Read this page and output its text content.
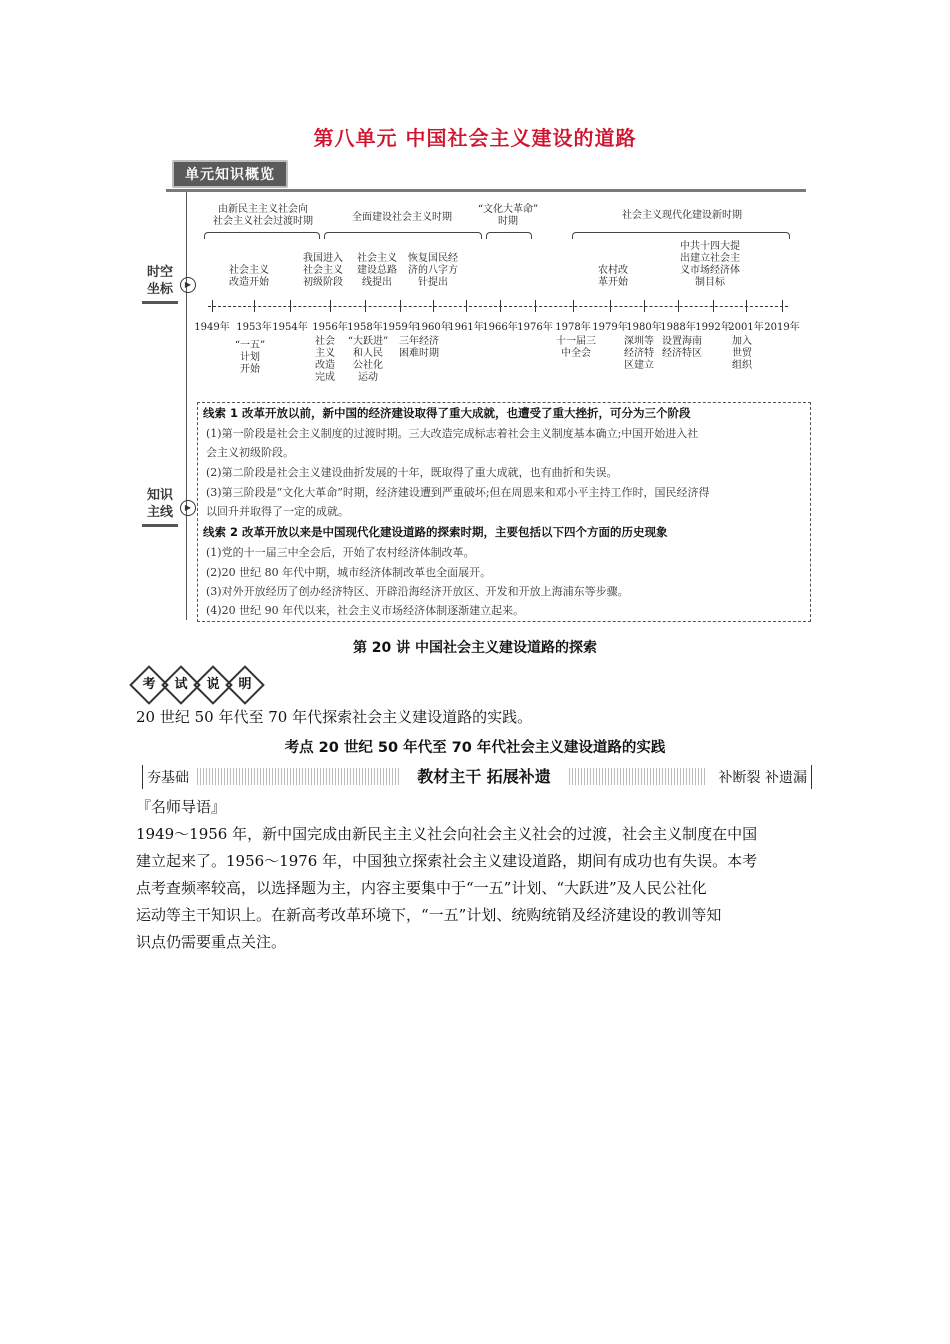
第八单元 中国社会主义建设的道路
单元知识概览
时空
坐标	▶
知识
主线	▶
由新民主主义社会向
社会主义社会过渡时期	全面建设社会主义时期
“文化大革命”
时期
社会主义现代化建设新时期
社会主义
改造开始
我国进入
社会主义
初级阶段
社会主义
建设总路
线提出
恢复国民经
济的八字方
针提出
农村改
革开始
中共十四大提
出建立社会主
义市场经济体
制目标
1949年 1953年 1954年 1956年 1958年 1959年
1960年
1961年
1966年 1976年 1978年 1979年
1980年
1988年 1992年
2001年 2019年
“一五”
计划
开始
社会
主义
改造
完成
“大跃进”
和人民
公社化
运动
三年经济
困难时期
十一届三
中全会
深圳等
经济特
区建立
设置海南
经济特区
加入
世贸
组织
线索 1 改革开放以前，新中国的经济建设取得了重大成就，也遭受了重大挫折，可分为三个阶段
(1)第一阶段是社会主义制度的过渡时期。三大改造完成标志着社会主义制度基本确立;中国开始进入社
会主义初级阶段。
(2)第二阶段是社会主义建设曲折发展的十年，既取得了重大成就，也有曲折和失误。
(3)第三阶段是“文化大革命”时期，经济建设遭到严重破坏;但在周恩来和邓小平主持工作时，国民经济得
以回升并取得了一定的成就。
线索 2 改革开放以来是中国现代化建设道路的探索时期，主要包括以下四个方面的历史现象
(1)党的十一届三中全会后，开始了农村经济体制改革。
(2)20 世纪 80 年代中期，城市经济体制改革也全面展开。
(3)对外开放经历了创办经济特区、开辟沿海经济开放区、开发和开放上海浦东等步骤。
(4)20 世纪 90 年代以来，社会主义市场经济体制逐渐建立起来。
第 20 讲 中国社会主义建设道路的探索
考	试	说	明
20 世纪 50 年代至 70 年代探索社会主义建设道路的实践。
考点 20 世纪 50 年代至 70 年代社会主义建设道路的实践
夯基础	教材主干 拓展补遗	补断裂 补遗漏
『名师导语』
1949～1956 年，新中国完成由新民主主义社会向社会主义社会的过渡，社会主义制度在中国
建立起来了。1956～1976 年，中国独立探索社会主义建设道路，期间有成功也有失误。本考
点考查频率较高，以选择题为主，内容主要集中于“一五”计划、“大跃进”及人民公社化
运动等主干知识上。在新高考改革环境下，“一五”计划、统购统销及经济建设的教训等知
识点仍需要重点关注。
